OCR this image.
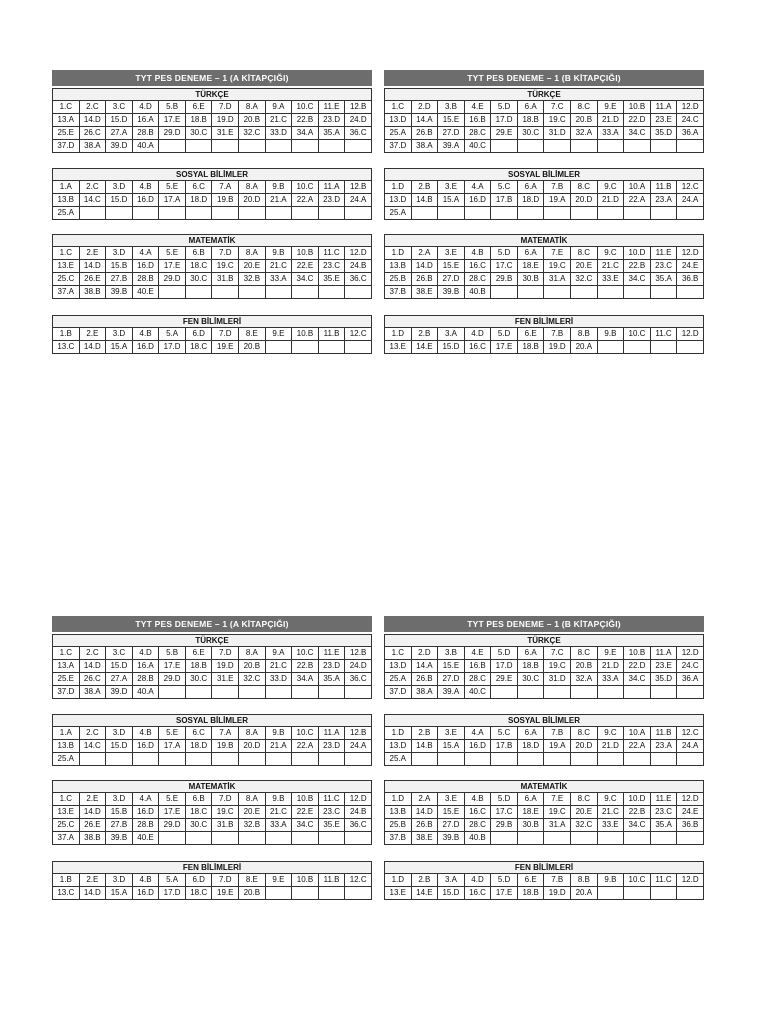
TYT PES DENEME – 1 (A KİTAPÇIĞI)
TÜRKÇE
1.C	2.C	3.C	4.D	5.B	6.E	7.D	8.A	9.A	10.C	11.E	12.B
13.A	14.D	15.D	16.A	17.E	18.B	19.D	20.B	21.C	22.B	23.D	24.D
25.E	26.C	27.A	28.B	29.D	30.C	31.E	32.C	33.D	34.A	35.A	36.C
37.D	38.A	39.D	40.A								
SOSYAL BİLİMLER
1.A	2.C	3.D	4.B	5.E	6.C	7.A	8.A	9.B	10.C	11.A	12.B
13.B	14.C	15.D	16.D	17.A	18.D	19.B	20.D	21.A	22.A	23.D	24.A
25.A											
MATEMATİK
1.C	2.E	3.D	4.A	5.E	6.B	7.D	8.A	9.B	10.B	11.C	12.D
13.E	14.D	15.B	16.D	17.E	18.C	19.C	20.E	21.C	22.E	23.C	24.B
25.C	26.E	27.B	28.B	29.D	30.C	31.B	32.B	33.A	34.C	35.E	36.C
37.A	38.B	39.B	40.E								
FEN BİLİMLERİ
1.B	2.E	3.D	4.B	5.A	6.D	7.D	8.E	9.E	10.B	11.B	12.C
13.C	14.D	15.A	16.D	17.D	18.C	19.E	20.B				
TYT PES DENEME – 1 (B KİTAPÇIĞI)
TÜRKÇE
1.C	2.D	3.B	4.E	5.D	6.A	7.C	8.C	9.E	10.B	11.A	12.D
13.D	14.A	15.E	16.B	17.D	18.B	19.C	20.B	21.D	22.D	23.E	24.C
25.A	26.B	27.D	28.C	29.E	30.C	31.D	32.A	33.A	34.C	35.D	36.A
37.D	38.A	39.A	40.C								
SOSYAL BİLİMLER
1.D	2.B	3.E	4.A	5.C	6.A	7.B	8.C	9.C	10.A	11.B	12.C
13.D	14.B	15.A	16.D	17.B	18.D	19.A	20.D	21.D	22.A	23.A	24.A
25.A											
MATEMATİK
1.D	2.A	3.E	4.B	5.D	6.A	7.E	8.C	9.C	10.D	11.E	12.D
13.B	14.D	15.E	16.C	17.C	18.E	19.C	20.E	21.C	22.B	23.C	24.E
25.B	26.B	27.D	28.C	29.B	30.B	31.A	32.C	33.E	34.C	35.A	36.B
37.B	38.E	39.B	40.B								
FEN BİLİMLERİ
1.D	2.B	3.A	4.D	5.D	6.E	7.B	8.B	9.B	10.C	11.C	12.D
13.E	14.E	15.D	16.C	17.E	18.B	19.D	20.A				
TYT PES DENEME – 1 (A KİTAPÇIĞI)
TÜRKÇE
1.C	2.C	3.C	4.D	5.B	6.E	7.D	8.A	9.A	10.C	11.E	12.B
13.A	14.D	15.D	16.A	17.E	18.B	19.D	20.B	21.C	22.B	23.D	24.D
25.E	26.C	27.A	28.B	29.D	30.C	31.E	32.C	33.D	34.A	35.A	36.C
37.D	38.A	39.D	40.A								
SOSYAL BİLİMLER
1.A	2.C	3.D	4.B	5.E	6.C	7.A	8.A	9.B	10.C	11.A	12.B
13.B	14.C	15.D	16.D	17.A	18.D	19.B	20.D	21.A	22.A	23.D	24.A
25.A											
MATEMATİK
1.C	2.E	3.D	4.A	5.E	6.B	7.D	8.A	9.B	10.B	11.C	12.D
13.E	14.D	15.B	16.D	17.E	18.C	19.C	20.E	21.C	22.E	23.C	24.B
25.C	26.E	27.B	28.B	29.D	30.C	31.B	32.B	33.A	34.C	35.E	36.C
37.A	38.B	39.B	40.E								
FEN BİLİMLERİ
1.B	2.E	3.D	4.B	5.A	6.D	7.D	8.E	9.E	10.B	11.B	12.C
13.C	14.D	15.A	16.D	17.D	18.C	19.E	20.B				
TYT PES DENEME – 1 (B KİTAPÇIĞI)
TÜRKÇE
1.C	2.D	3.B	4.E	5.D	6.A	7.C	8.C	9.E	10.B	11.A	12.D
13.D	14.A	15.E	16.B	17.D	18.B	19.C	20.B	21.D	22.D	23.E	24.C
25.A	26.B	27.D	28.C	29.E	30.C	31.D	32.A	33.A	34.C	35.D	36.A
37.D	38.A	39.A	40.C								
SOSYAL BİLİMLER
1.D	2.B	3.E	4.A	5.C	6.A	7.B	8.C	9.C	10.A	11.B	12.C
13.D	14.B	15.A	16.D	17.B	18.D	19.A	20.D	21.D	22.A	23.A	24.A
25.A											
MATEMATİK
1.D	2.A	3.E	4.B	5.D	6.A	7.E	8.C	9.C	10.D	11.E	12.D
13.B	14.D	15.E	16.C	17.C	18.E	19.C	20.E	21.C	22.B	23.C	24.E
25.B	26.B	27.D	28.C	29.B	30.B	31.A	32.C	33.E	34.C	35.A	36.B
37.B	38.E	39.B	40.B								
FEN BİLİMLERİ
1.D	2.B	3.A	4.D	5.D	6.E	7.B	8.B	9.B	10.C	11.C	12.D
13.E	14.E	15.D	16.C	17.E	18.B	19.D	20.A				
